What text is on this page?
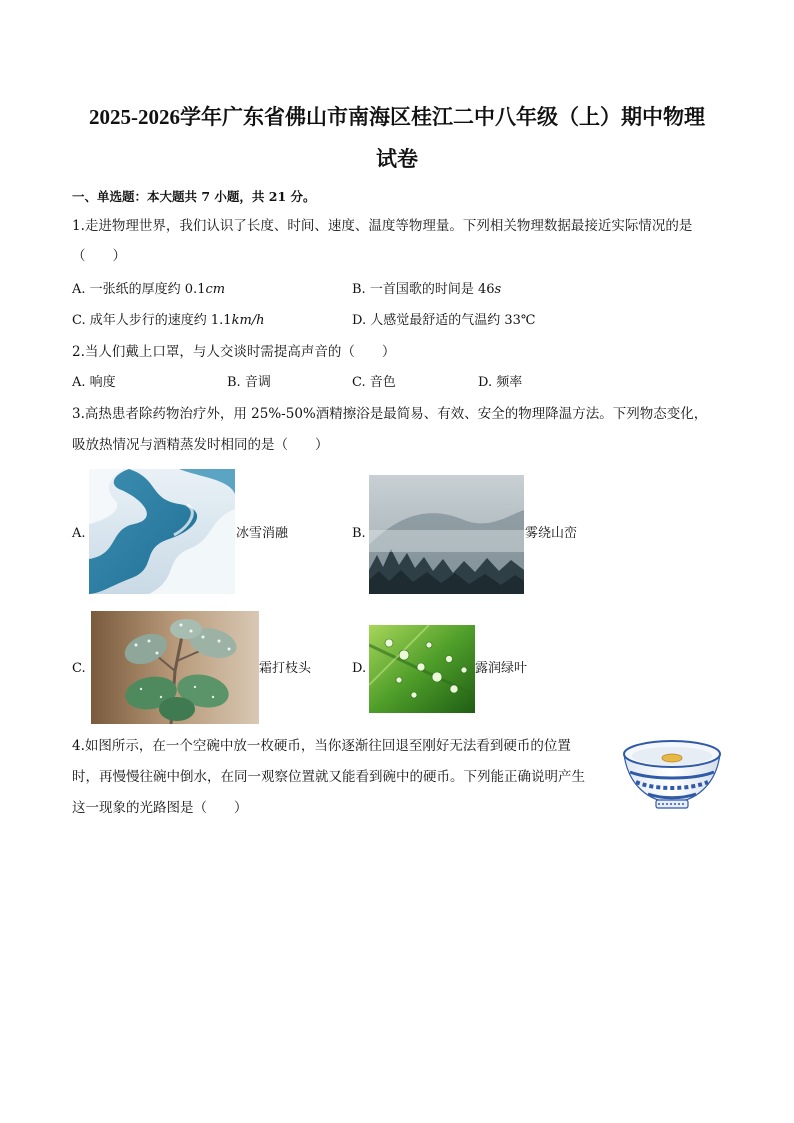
2025-2026学年广东省佛山市南海区桂江二中八年级（上）期中物理
试卷
一、单选题：本大题共 7 小题，共 21 分。
1.走进物理世界，我们认识了长度、时间、速度、温度等物理量。下列相关物理数据最接近实际情况的是
（　　）
A. 一张纸的厚度约 0.1cm	B. 一首国歌的时间是 46s
C. 成年人步行的速度约 1.1km/h	D. 人感觉最舒适的气温约 33℃
2.当人们戴上口罩，与人交谈时需提高声音的（　　）
A. 响度	B. 音调	C. 音色	D. 频率
3.高热患者除药物治疗外，用 25%-50%酒精擦浴是最简易、有效、安全的物理降温方法。下列物态变化，
吸放热情况与酒精蒸发时相同的是（　　）
A.	冰雪消融	B.	雾绕山峦
C.	霜打枝头	D.	露润绿叶
4.如图所示，在一个空碗中放一枚硬币，当你逐渐往回退至刚好无法看到硬币的位置
时，再慢慢往碗中倒水，在同一观察位置就又能看到碗中的硬币。下列能正确说明产生
这一现象的光路图是（　　）
